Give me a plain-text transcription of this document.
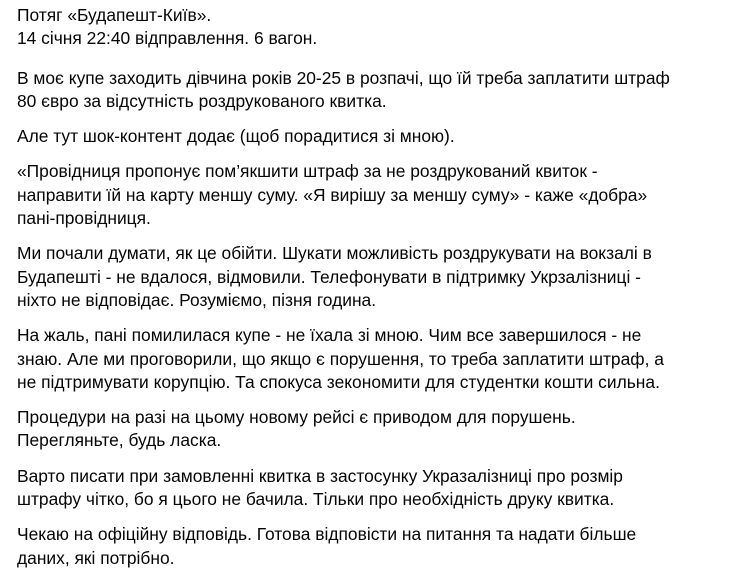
Потяг «Будапешт-Київ».
14 січня 22:40 відправлення. 6 вагон.

В моє купе заходить дівчина років 20-25 в розпачі, що їй треба заплатити штраф
80 євро за відсутність роздрукованого квитка.

Але тут шок-контент додає (щоб порадитися зі мною).

«Провідниця пропонує пом’якшити штраф за не роздрукований квиток -
направити їй на карту меншу суму. «Я вирішу за меншу суму» - каже «добра»
пані-провідниця.

Ми почали думати, як це обійти. Шукати можливість роздрукувати на вокзалі в
Будапешті - не вдалося, відмовили. Телефонувати в підтримку Укрзалізниці -
ніхто не відповідає. Розуміємо, пізня година.

На жаль, пані помилилася купе - не їхала зі мною. Чим все завершилося - не
знаю. Але ми проговорили, що якщо є порушення, то треба заплатити штраф, а
не підтримувати корупцію. Та спокуса зекономити для студентки кошти сильна.

Процедури на разі на цьому новому рейсі є приводом для порушень.
Перегляньте, будь ласка.

Варто писати при замовленні квитка в застосунку Укразалізниці про розмір
штрафу чітко, бо я цього не бачила. Тільки про необхідність друку квитка.

Чекаю на офіційну відповідь. Готова відповісти на питання та надати більше
даних, які потрібно.
